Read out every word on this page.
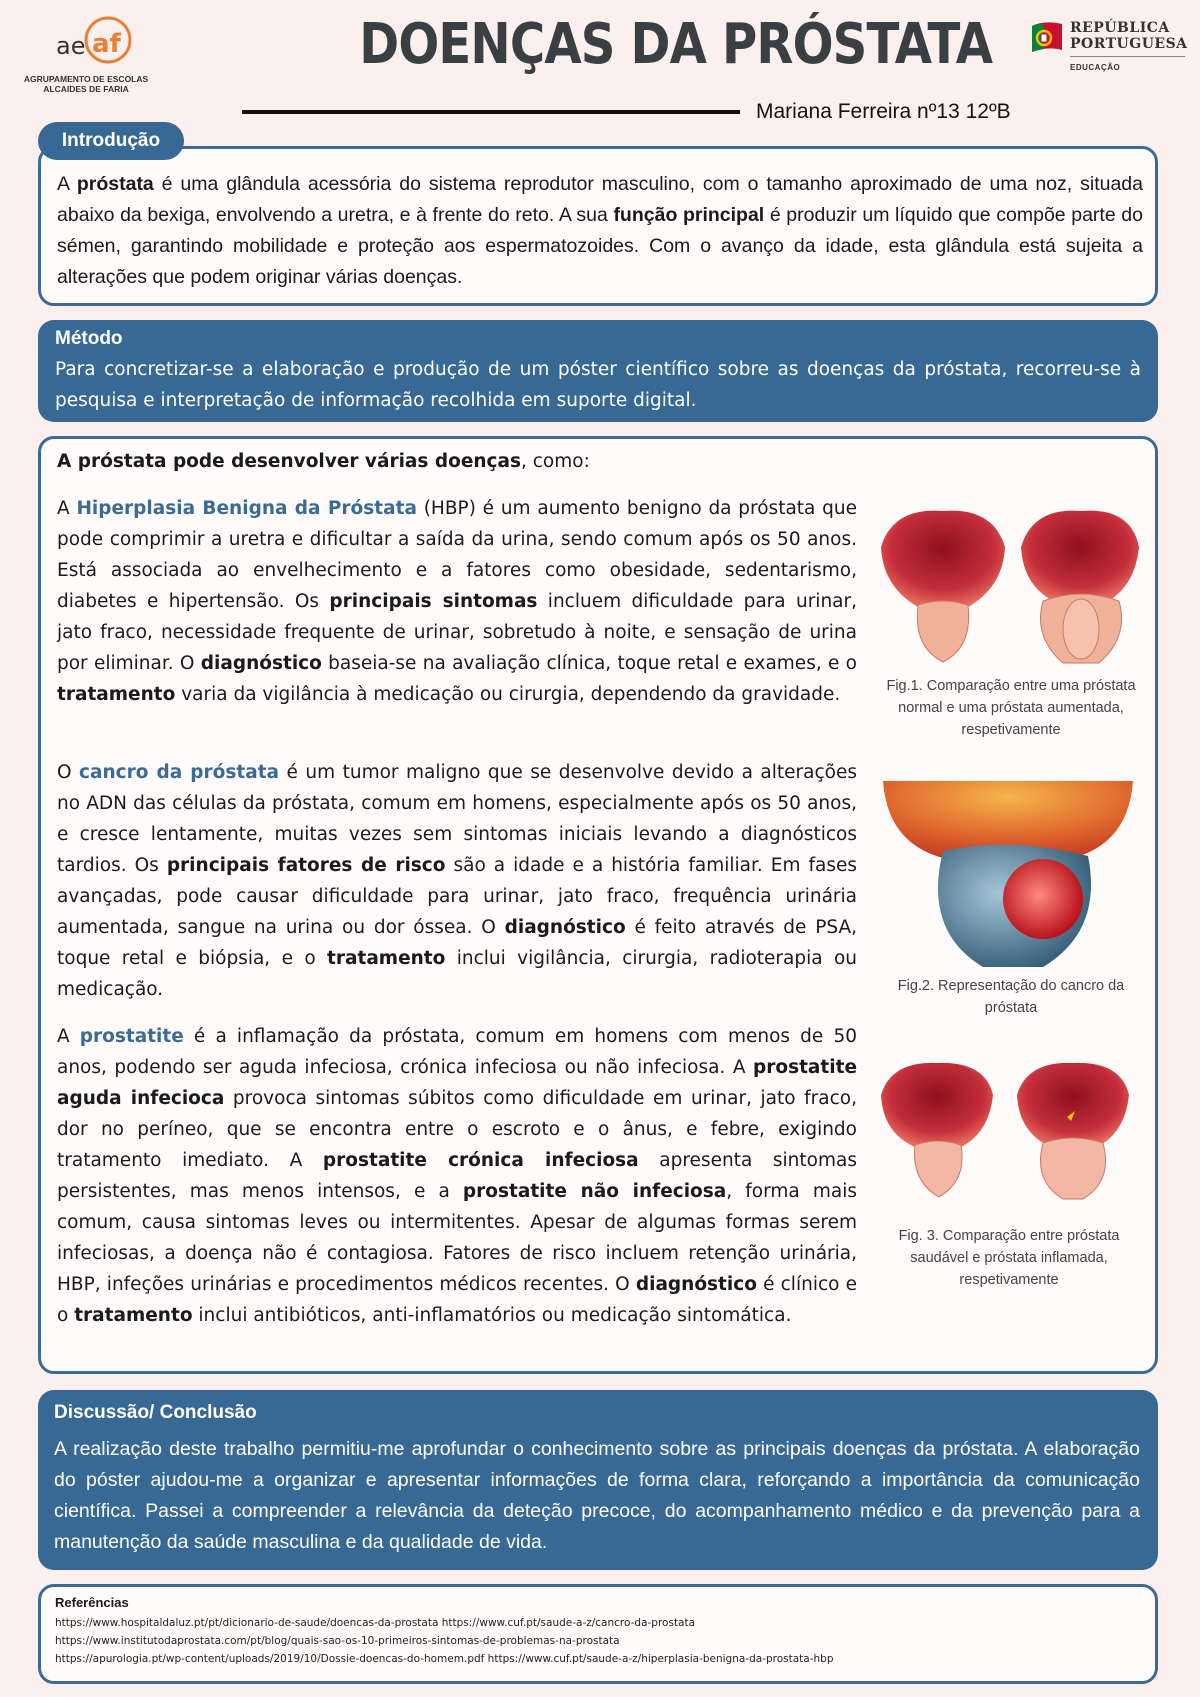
ae af
AGRUPAMENTO DE ESCOLAS
ALCAIDES DE FARIA
DOENÇAS DA PRÓSTATA
Mariana Ferreira nº13 12ºB
REPÚBLICA
PORTUGUESA
EDUCAÇÃO

A próstata é uma glândula acessória do sistema reprodutor masculino, com o tamanho aproximado de uma noz, situada abaixo da bexiga, envolvendo a uretra, e à frente do reto. A sua função principal é produzir um líquido que compõe parte do sémen, garantindo mobilidade e proteção aos espermatozoides. Com o avanço da idade, esta glândula está sujeita a alterações que podem originar várias doenças.

Introdução
Método

Para concretizar-se a elaboração e produção de um póster científico sobre as doenças da próstata, recorreu-se à pesquisa e interpretação de informação recolhida em suporte digital.

A próstata pode desenvolver várias doenças, como:

A Hiperplasia Benigna da Próstata (HBP) é um aumento benigno da próstata que pode comprimir a uretra e dificultar a saída da urina, sendo comum após os 50 anos. Está associada ao envelhecimento e a fatores como obesidade, sedentarismo, diabetes e hipertensão. Os principais sintomas incluem dificuldade para urinar, jato fraco, necessidade frequente de urinar, sobretudo à noite, e sensação de urina por eliminar. O diagnóstico baseia-se na avaliação clínica, toque retal e exames, e o tratamento varia da vigilância à medicação ou cirurgia, dependendo da gravidade.

O cancro da próstata é um tumor maligno que se desenvolve devido a alterações no ADN das células da próstata, comum em homens, especialmente após os 50 anos, e cresce lentamente, muitas vezes sem sintomas iniciais levando a diagnósticos tardios. Os principais fatores de risco são a idade e a história familiar. Em fases avançadas, pode causar dificuldade para urinar, jato fraco, frequência urinária aumentada, sangue na urina ou dor óssea. O diagnóstico é feito através de PSA, toque retal e biópsia, e o tratamento inclui vigilância, cirurgia, radioterapia ou medicação.

A prostatite é a inflamação da próstata, comum em homens com menos de 50 anos, podendo ser aguda infeciosa, crónica infeciosa ou não infeciosa. A prostatite aguda infecioca provoca sintomas súbitos como dificuldade em urinar, jato fraco, dor no períneo, que se encontra entre o escroto e o ânus, e febre, exigindo tratamento imediato. A prostatite crónica infeciosa apresenta sintomas persistentes, mas menos intensos, e a prostatite não infeciosa, forma mais comum, causa sintomas leves ou intermitentes. Apesar de algumas formas serem infeciosas, a doença não é contagiosa. Fatores de risco incluem retenção urinária, HBP, infeções urinárias e procedimentos médicos recentes. O diagnóstico é clínico e o tratamento inclui antibióticos, anti-inflamatórios ou medicação sintomática.

Fig.1. Comparação entre uma próstata normal e uma próstata aumentada, respetivamente
Fig.2. Representação do cancro da próstata
Fig. 3. Comparação entre próstata saudável e próstata inflamada, respetivamente
Discussão/ Conclusão

A realização deste trabalho permitiu-me aprofundar o conhecimento sobre as principais doenças da próstata. A elaboração do póster ajudou-me a organizar e apresentar informações de forma clara, reforçando a importância da comunicação científica. Passei a compreender a relevância da deteção precoce, do acompanhamento médico e da prevenção para a manutenção da saúde masculina e da qualidade de vida.

Referências
https://www.hospitaldaluz.pt/pt/dicionario-de-saude/doencas-da-prostata https://www.cuf.pt/saude-a-z/cancro-da-prostata
https://www.institutodaprostata.com/pt/blog/quais-sao-os-10-primeiros-sintomas-de-problemas-na-prostata
https://apurologia.pt/wp-content/uploads/2019/10/Dossie-doencas-do-homem.pdf https://www.cuf.pt/saude-a-z/hiperplasia-benigna-da-prostata-hbp
